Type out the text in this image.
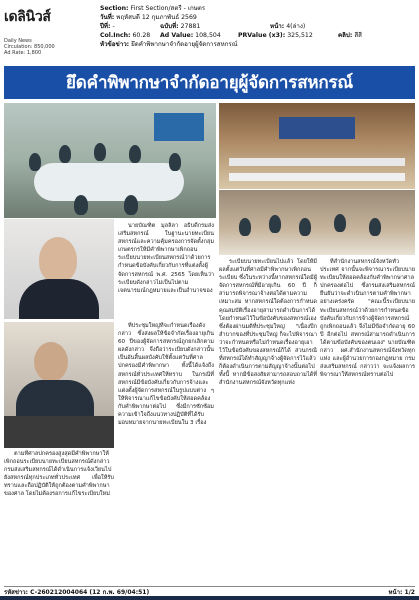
เดลินิวส์
Daily News
Circulation: 850,000
Ad Rate: 1,800
Section:
First Section/สตรี - เกษตร
วันที่:
พฤหัสบดี 12 กุมภาพันธ์ 2569
ปีที่: -	ฉบับที่: 27881	หน้า: 4(ล่าง)
Col.Inch: 60.28	Ad Value: 108,504	PRValue (x3): 325,512	คลิป: สีสี
หัวข้อข่าว:
ยึดคำพิพากษาจำกัดอายุผู้จัดการสหกรณ์
ยึดคำพิพากษาจำกัดอายุผู้จัดการสหกรณ์

นายบัณฑิต มุลลิลา อธิบดีกรมส่งเสริมสหกรณ์ ในฐานะนายทะเบียนสหกรณ์และความคุ้มครองการจัดตั้งกลุ่มเกษตรกรให้มีคำพิพากษาเพิกถอนระเบียบนายทะเบียนสหกรณ์ว่าด้วยการกำหนดข้อบังคับเกี่ยวกับการที่แต่งตั้งผู้จัดการสหกรณ์ พ.ศ. 2565 โดยเห็นว่าระเบียบดังกล่าวไม่เป็นไปตามเจตนารมณ์กฎหมายและเป็นอำนาจของ

ที่ประชุมใหญ่ที่จะกำหนดเรื่องดังกล่าว ซึ่งส่งผลให้ข้อจำกัดเรื่องอายุเกิน 60 ปีของผู้จัดการสหกรณ์ถูกยกเลิกตามผลดังกล่าว จึงถือว่าระเบียบดังกล่าวนั้นเป็นอันสิ้นผลบังคับใช้ตั้งแต่วันที่ศาลปกครองมีคำพิพากษา ทั้งนี้ได้แจ้งถึงสหกรณ์ทั่วประเทศให้ทราบ ในกรณีที่สหกรณ์มีข้อบังคับเกี่ยวกับการจ้างและแต่งตั้งผู้จัดการสหกรณ์ในรูปแบบต่าง ๆ ให้พิจารณาแก้ไขข้อบังคับให้สอดคล้องกับคำพิพากษาต่อไป ซึ่งมีการซักซ้อมความเข้าใจถึงแนวทางปฏิบัติที่ได้รับมอบหมายจากนายทะเบียนใน 3 เรื่อง

ระเบียบนายทะเบียนไปแล้ว โดยให้มีผลตั้งแต่วันที่ศาลมีคำพิพากษาเพิกถอนระเบียบ ซึ่งในระหว่างนี้หากสหกรณ์ใดมีผู้จัดการสหกรณ์ที่มีอายุเกิน 60 ปี ก็สามารถพิจารณาจ้างต่อได้ตามความเหมาะสม หากสหกรณ์ใดต้องการกำหนดคุณสมบัติเรื่องอายุสามารถดำเนินการได้โดยกำหนดไว้ในข้อบังคับของสหกรณ์เอง ซึ่งต้องผ่านมติที่ประชุมใหญ่ "เนื่องปีกลำบากของที่ประชุมใหญ่ ก็จะไปพิจารณาว่าจะกำหนดหรือไม่กำหนดเรื่องอายุเอาไว้ในข้อบังคับของสหกรณ์ก็ได้ ส่วนกรณีที่สหกรณ์ได้ทำสัญญาจ้างผู้จัดการไว้แล้ว ก็ต้องดำเนินการตามสัญญาจ้างนั้นต่อไป ทั้งนี้ หากมีข้อสงสัยสามารถสอบถามได้ที่สำนักงานสหกรณ์จังหวัดทุกแห่ง

ที่สำนักงานสหกรณ์จังหวัดทั่วประเทศ จากนั้นจะพิจารณาระเบียบนายทะเบียนให้สอดคล้องกับคำพิพากษาศาลปกครองต่อไป ซึ่งกรมส่งเสริมสหกรณ์ยืนยันว่าจะดำเนินการตามคำพิพากษาอย่างเคร่งครัด "คณะนี้ระเบียบนายทะเบียนสหกรณ์ว่าด้วยการกำหนดข้อบังคับเกี่ยวกับการจ้างผู้จัดการสหกรณ์ถูกเพิกถอนแล้ว จึงไม่มีข้อจำกัดอายุ 60 ปี อีกต่อไป สหกรณ์สามารถดำเนินการได้ตามข้อบังคับของตนเอง" นายบัณฑิต กล่าว ผศ.สำนักงานสหกรณ์จังหวัดทุกแห่ง และผู้อำนวยการกองกฎหมาย กรมส่งเสริมสหกรณ์ กล่าวว่า จะแจ้งผลการพิจารณาให้สหกรณ์ทราบต่อไป

ตามที่ศาลปกครองสูงสุดมีคำพิพากษาให้เพิกถอนระเบียบนายทะเบียนสหกรณ์ดังกล่าว กรมส่งเสริมสหกรณ์ได้ดำเนินการแจ้งเวียนไปยังสหกรณ์ทุกประเภททั่วประเทศ เพื่อให้รับทราบและถือปฏิบัติให้ถูกต้องตามคำพิพากษาของศาล โดยไม่ต้องรอการแก้ไขระเบียบใหม่

รหัสข่าว: C-260212004064 (12 ก.พ. 69/04:51)	หน้า: 1/2
